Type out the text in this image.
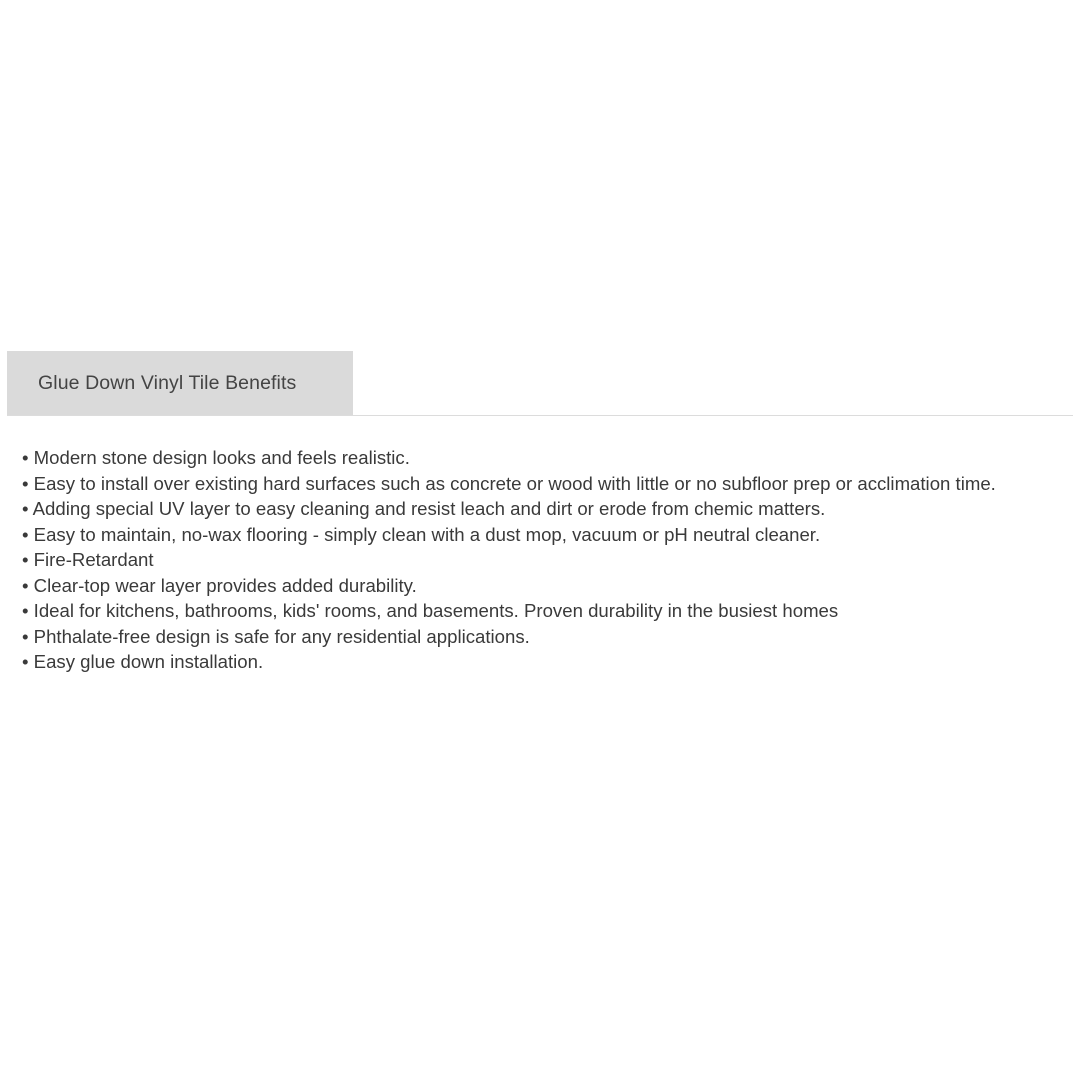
Glue Down Vinyl Tile Benefits
• Modern stone design looks and feels realistic.
• Easy to install over existing hard surfaces such as concrete or wood with little or no subfloor prep or acclimation time.
• Adding special UV layer to easy cleaning and resist leach and dirt or erode from chemic matters.
• Easy to maintain, no-wax flooring - simply clean with a dust mop, vacuum or pH neutral cleaner.
• Fire-Retardant
• Clear-top wear layer provides added durability.
• Ideal for kitchens, bathrooms, kids' rooms, and basements. Proven durability in the busiest homes
• Phthalate-free design is safe for any residential applications.
• Easy glue down installation.
